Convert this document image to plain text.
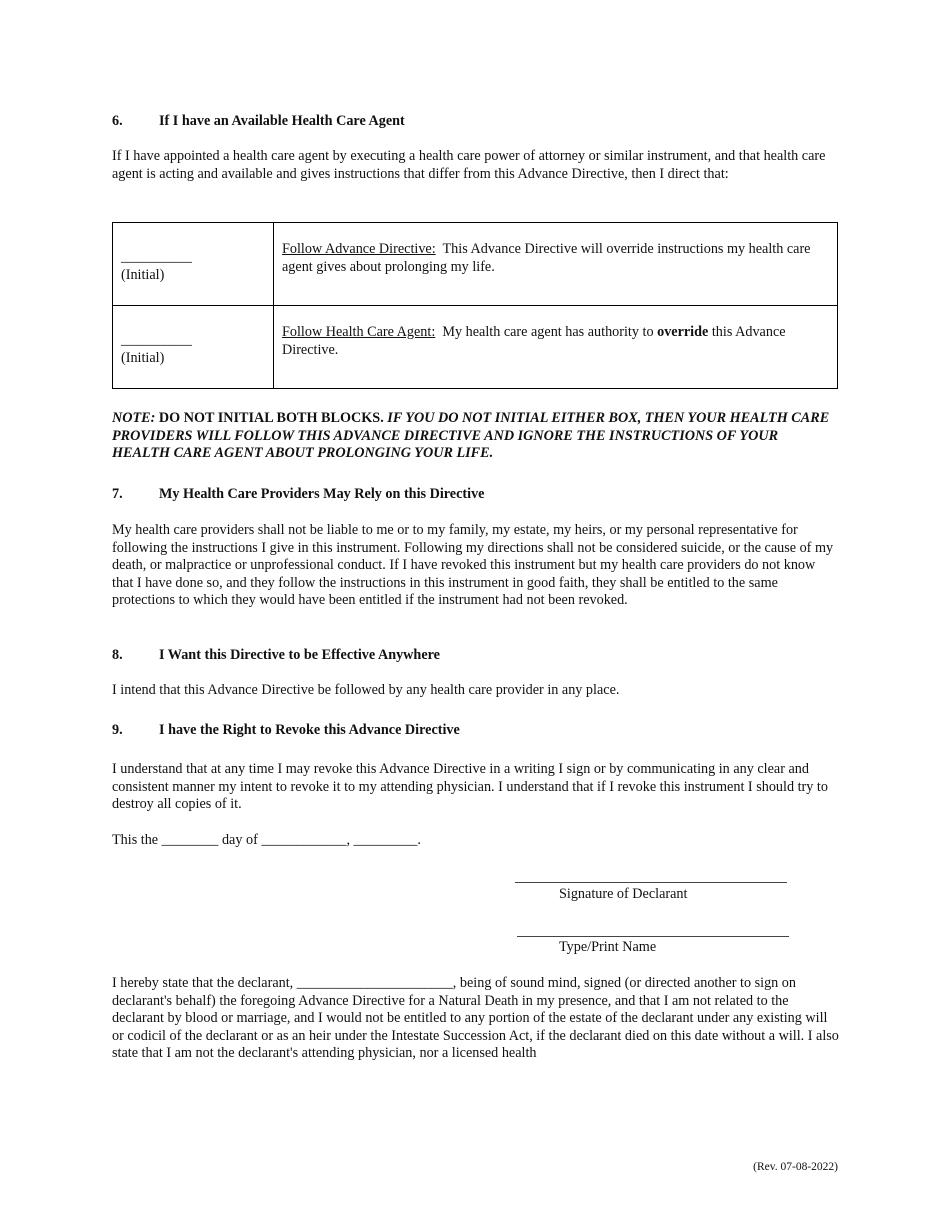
6.	If I have an Available Health Care Agent
If I have appointed a health care agent by executing a health care power of attorney or similar instrument, and that health care agent is acting and available and gives instructions that differ from this Advance Directive, then I direct that:
__________
(Initial)	Follow Advance Directive: This Advance Directive will override instructions my health care agent gives about prolonging my life.

__________
(Initial)	Follow Health Care Agent: My health care agent has authority to override this Advance Directive.
NOTE: DO NOT INITIAL BOTH BLOCKS. IF YOU DO NOT INITIAL EITHER BOX, THEN YOUR HEALTH CARE PROVIDERS WILL FOLLOW THIS ADVANCE DIRECTIVE AND IGNORE THE INSTRUCTIONS OF YOUR HEALTH CARE AGENT ABOUT PROLONGING YOUR LIFE.
7.	My Health Care Providers May Rely on this Directive
My health care providers shall not be liable to me or to my family, my estate, my heirs, or my personal representative for following the instructions I give in this instrument. Following my directions shall not be considered suicide, or the cause of my death, or malpractice or unprofessional conduct. If I have revoked this instrument but my health care providers do not know that I have done so, and they follow the instructions in this instrument in good faith, they shall be entitled to the same protections to which they would have been entitled if the instrument had not been revoked.
8.	I Want this Directive to be Effective Anywhere
I intend that this Advance Directive be followed by any health care provider in any place.
9.	I have the Right to Revoke this Advance Directive
I understand that at any time I may revoke this Advance Directive in a writing I sign or by communicating in any clear and consistent manner my intent to revoke it to my attending physician. I understand that if I revoke this instrument I should try to destroy all copies of it.
This the ________ day of ____________, _________.
Signature of Declarant
Type/Print Name
I hereby state that the declarant, ______________________, being of sound mind, signed (or directed another to sign on declarant's behalf) the foregoing Advance Directive for a Natural Death in my presence, and that I am not related to the declarant by blood or marriage, and I would not be entitled to any portion of the estate of the declarant under any existing will or codicil of the declarant or as an heir under the Intestate Succession Act, if the declarant died on this date without a will. I also state that I am not the declarant's attending physician, nor a licensed health
(Rev. 07-08-2022)
